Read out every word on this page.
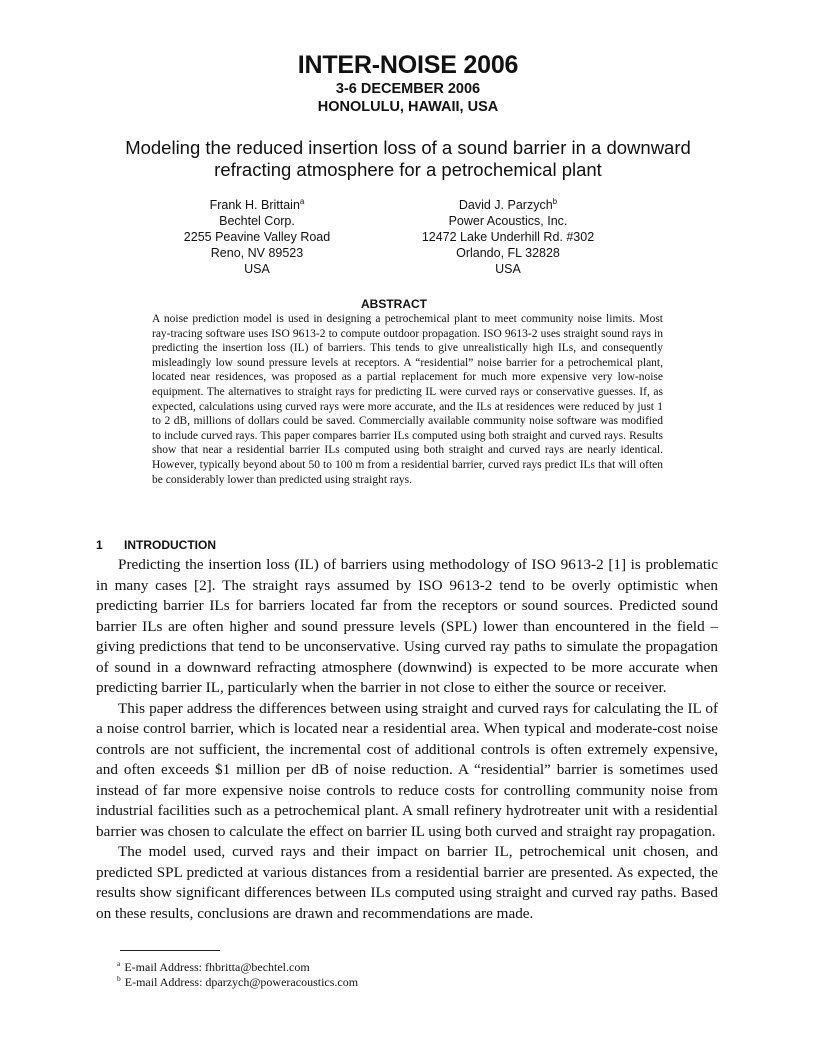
INTER-NOISE 2006
3-6 DECEMBER 2006
HONOLULU, HAWAII, USA
Modeling the reduced insertion loss of a sound barrier in a downward refracting atmosphere for a petrochemical plant
Frank H. Brittain$^a$
Bechtel Corp.
2255 Peavine Valley Road
Reno, NV 89523
USA
David J. Parzych$^b$
Power Acoustics, Inc.
12472 Lake Underhill Rd. #302
Orlando, FL 32828
USA
ABSTRACT

A noise prediction model is used in designing a petrochemical plant to meet community noise limits. Most ray-tracing software uses ISO 9613-2 to compute outdoor propagation. ISO 9613-2 uses straight sound rays in predicting the insertion loss (IL) of barriers. This tends to give unrealistically high ILs, and consequently misleadingly low sound pressure levels at receptors. A “residential” noise barrier for a petrochemical plant, located near residences, was proposed as a partial replacement for much more expensive very low-noise equipment. The alternatives to straight rays for predicting IL were curved rays or conservative guesses. If, as expected, calculations using curved rays were more accurate, and the ILs at residences were reduced by just 1 to 2 dB, millions of dollars could be saved. Commercially available community noise software was modified to include curved rays. This paper compares barrier ILs computed using both straight and curved rays. Results show that near a residential barrier ILs computed using both straight and curved rays are nearly identical. However, typically beyond about 50 to 100 m from a residential barrier, curved rays predict ILs that will often be considerably lower than predicted using straight rays.

1 INTRODUCTION

Predicting the insertion loss (IL) of barriers using methodology of ISO 9613-2 [1] is problematic in many cases [2]. The straight rays assumed by ISO 9613-2 tend to be overly optimistic when predicting barrier ILs for barriers located far from the receptors or sound sources. Predicted sound barrier ILs are often higher and sound pressure levels (SPL) lower than encountered in the field – giving predictions that tend to be unconservative. Using curved ray paths to simulate the propagation of sound in a downward refracting atmosphere (downwind) is expected to be more accurate when predicting barrier IL, particularly when the barrier in not close to either the source or receiver.

This paper address the differences between using straight and curved rays for calculating the IL of a noise control barrier, which is located near a residential area. When typical and moderate-cost noise controls are not sufficient, the incremental cost of additional controls is often extremely expensive, and often exceeds $1 million per dB of noise reduction. A “residential” barrier is sometimes used instead of far more expensive noise controls to reduce costs for controlling community noise from industrial facilities such as a petrochemical plant. A small refinery hydrotreater unit with a residential barrier was chosen to calculate the effect on barrier IL using both curved and straight ray propagation.

The model used, curved rays and their impact on barrier IL, petrochemical unit chosen, and predicted SPL predicted at various distances from a residential barrier are presented. As expected, the results show significant differences between ILs computed using straight and curved ray paths. Based on these results, conclusions are drawn and recommendations are made.

$^a$ E-mail Address: fhbritta@bechtel.com
$^b$ E-mail Address: dparzych@poweracoustics.com
